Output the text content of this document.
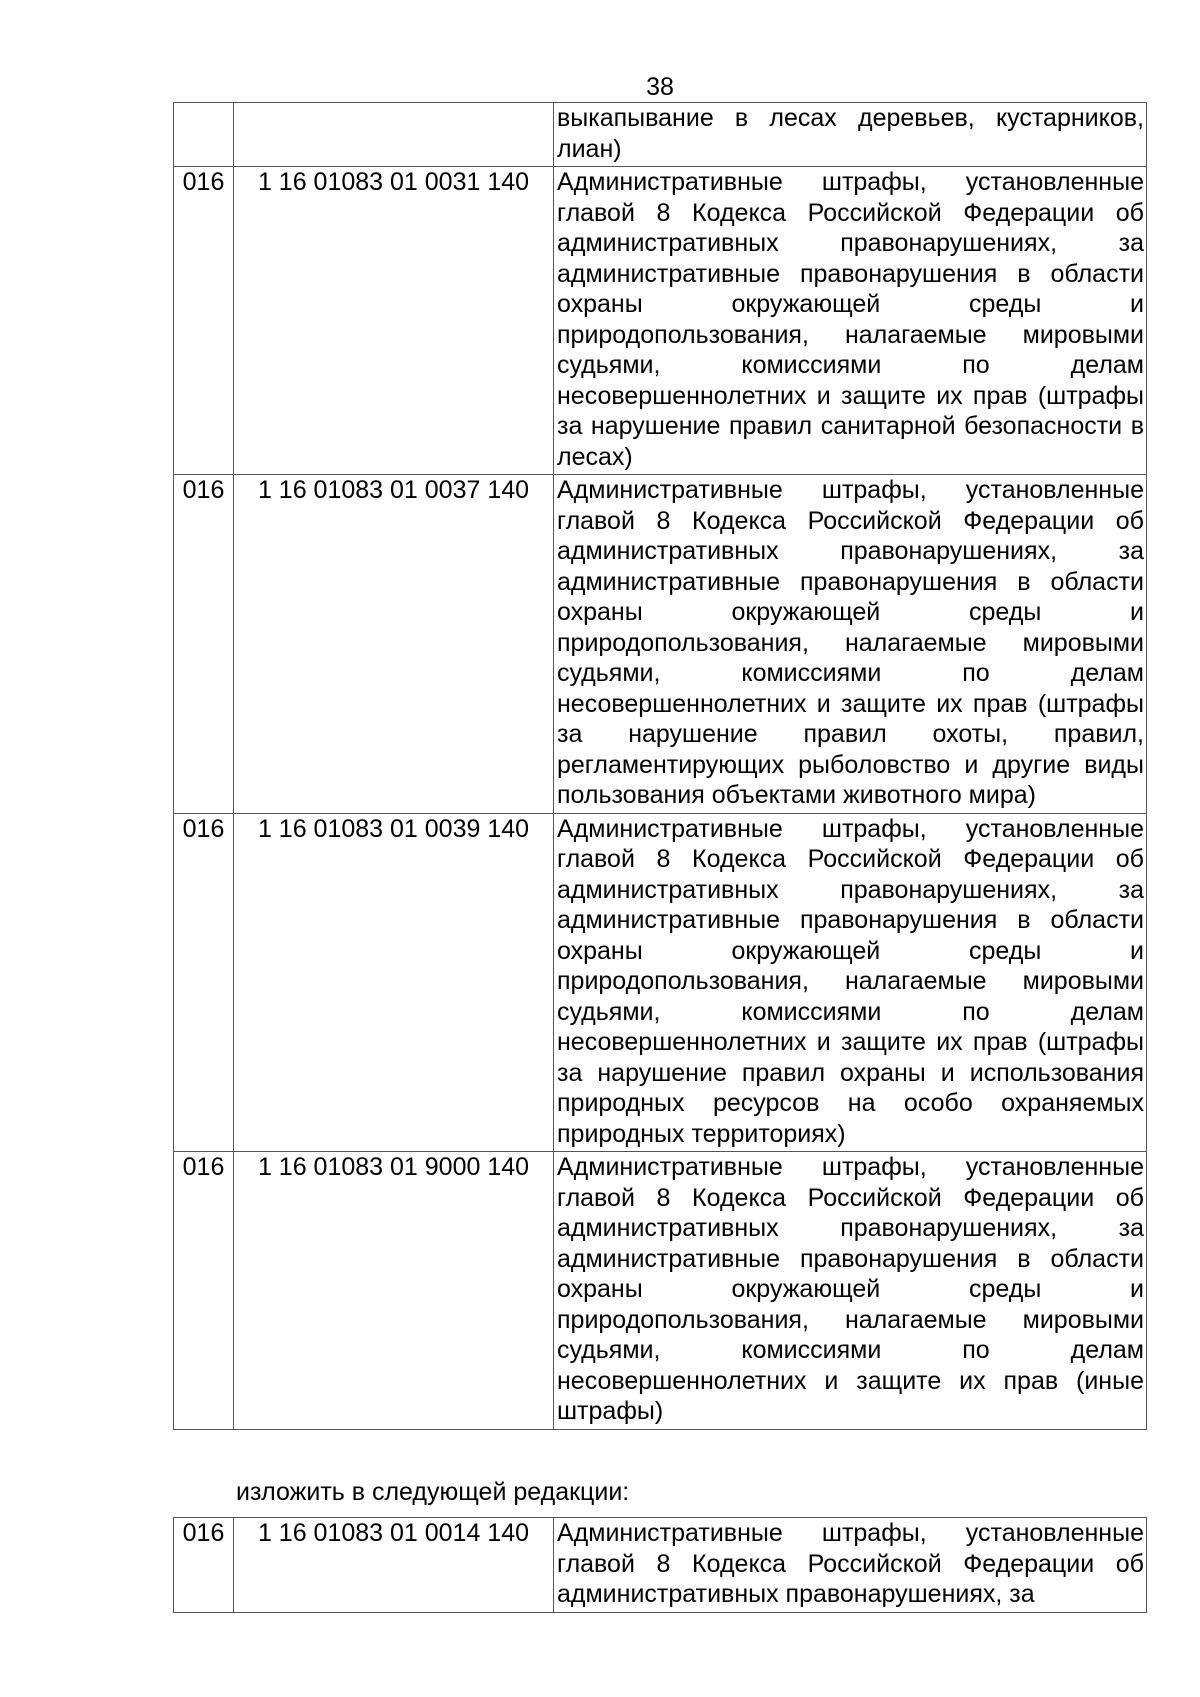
38
		выкапывание в лесах деревьев, кустарников, лиан)
016	1 16 01083 01 0031 140	Административные штрафы, установленные главой 8 Кодекса Российской Федерации об административных правонарушениях, за административные правонарушения в области охраны окружающей среды и природопользования, налагаемые мировыми судьями, комиссиями по делам несовершеннолетних и защите их прав (штрафы за нарушение правил санитарной безопасности в лесах)
016	1 16 01083 01 0037 140	Административные штрафы, установленные главой 8 Кодекса Российской Федерации об административных правонарушениях, за административные правонарушения в области охраны окружающей среды и природопользования, налагаемые мировыми судьями, комиссиями по делам несовершеннолетних и защите их прав (штрафы за нарушение правил охоты, правил, регламентирующих рыболовство и другие виды пользования объектами животного мира)
016	1 16 01083 01 0039 140	Административные штрафы, установленные главой 8 Кодекса Российской Федерации об административных правонарушениях, за административные правонарушения в области охраны окружающей среды и природопользования, налагаемые мировыми судьями, комиссиями по делам несовершеннолетних и защите их прав (штрафы за нарушение правил охраны и использования природных ресурсов на особо охраняемых природных территориях)
016	1 16 01083 01 9000 140	Административные штрафы, установленные главой 8 Кодекса Российской Федерации об административных правонарушениях, за административные правонарушения в области охраны окружающей среды и природопользования, налагаемые мировыми судьями, комиссиями по делам несовершеннолетних и защите их прав (иные штрафы)
изложить в следующей редакции:
016	1 16 01083 01 0014 140	Административные штрафы, установленные главой 8 Кодекса Российской Федерации об административных правонарушениях, за
